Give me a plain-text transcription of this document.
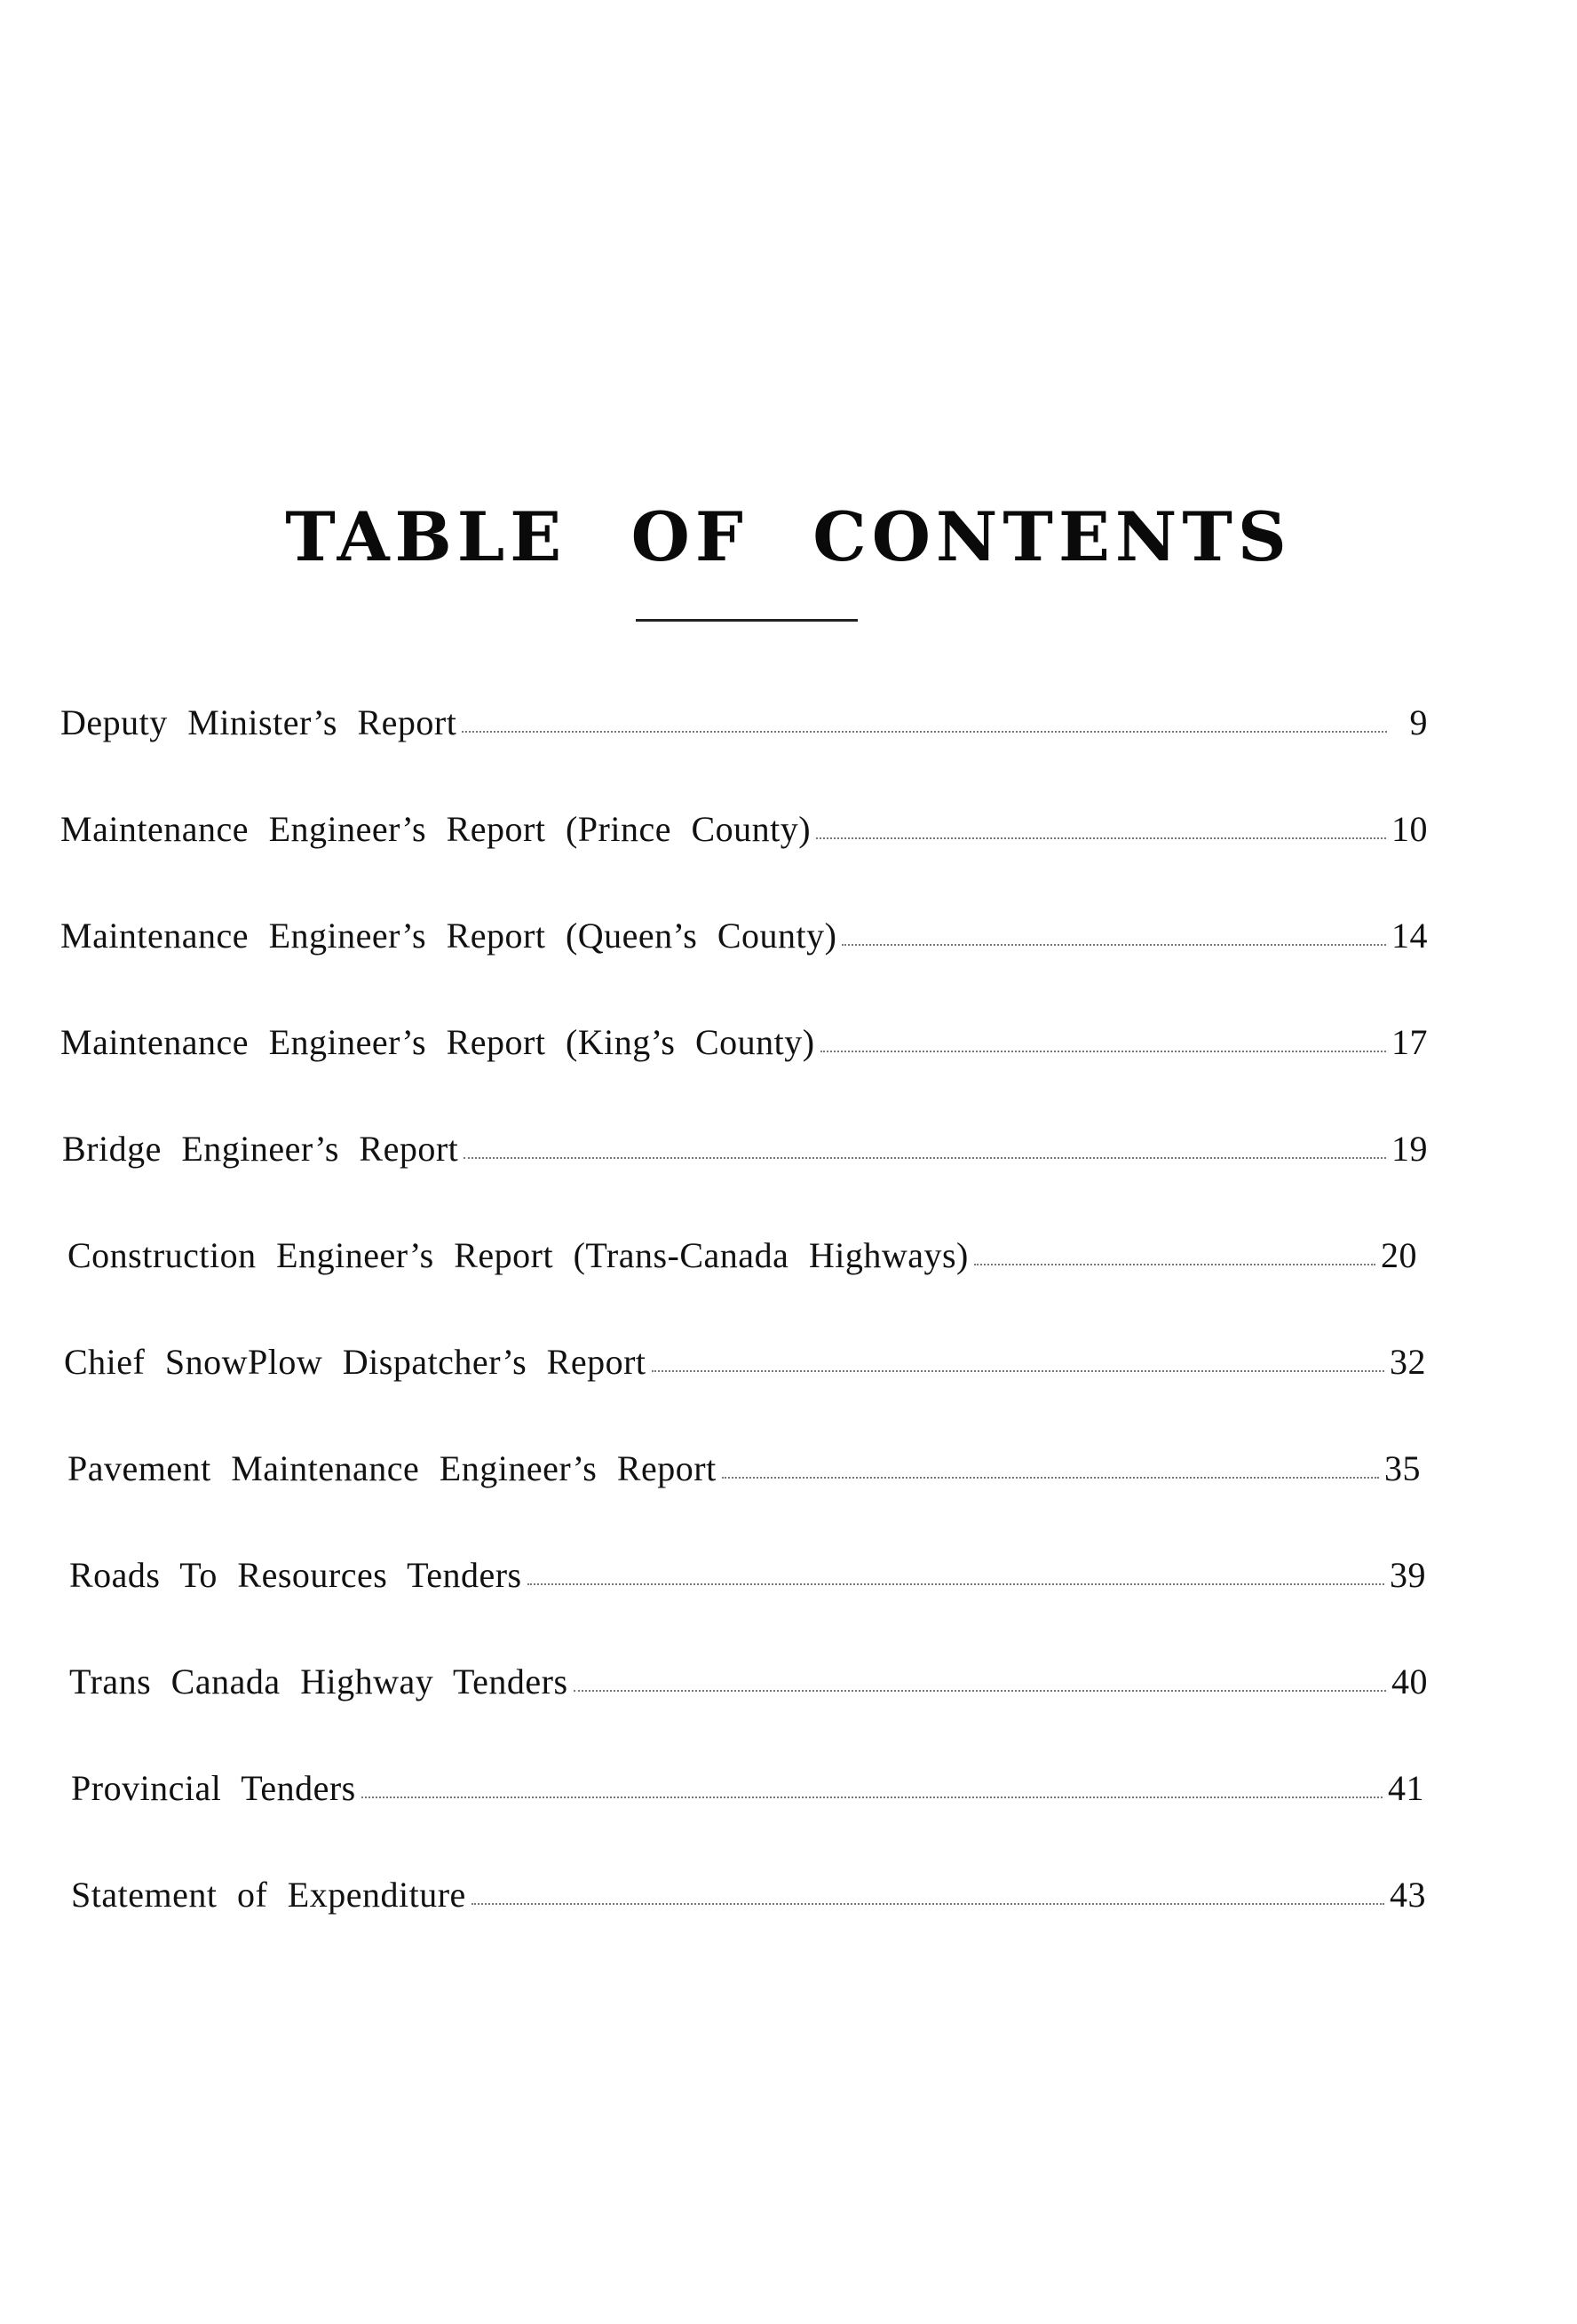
TABLE OF CONTENTS
Deputy Minister’s Report	9
Maintenance Engineer’s Report (Prince County)	10
Maintenance Engineer’s Report (Queen’s County)	14
Maintenance Engineer’s Report (King’s County)	17
Bridge Engineer’s Report	19
Construction Engineer’s Report (Trans-Canada Highways)	20
Chief SnowPlow Dispatcher’s Report	32
Pavement Maintenance Engineer’s Report	35
Roads To Resources Tenders	39
Trans Canada Highway Tenders	40
Provincial Tenders	41
Statement of Expenditure	43
